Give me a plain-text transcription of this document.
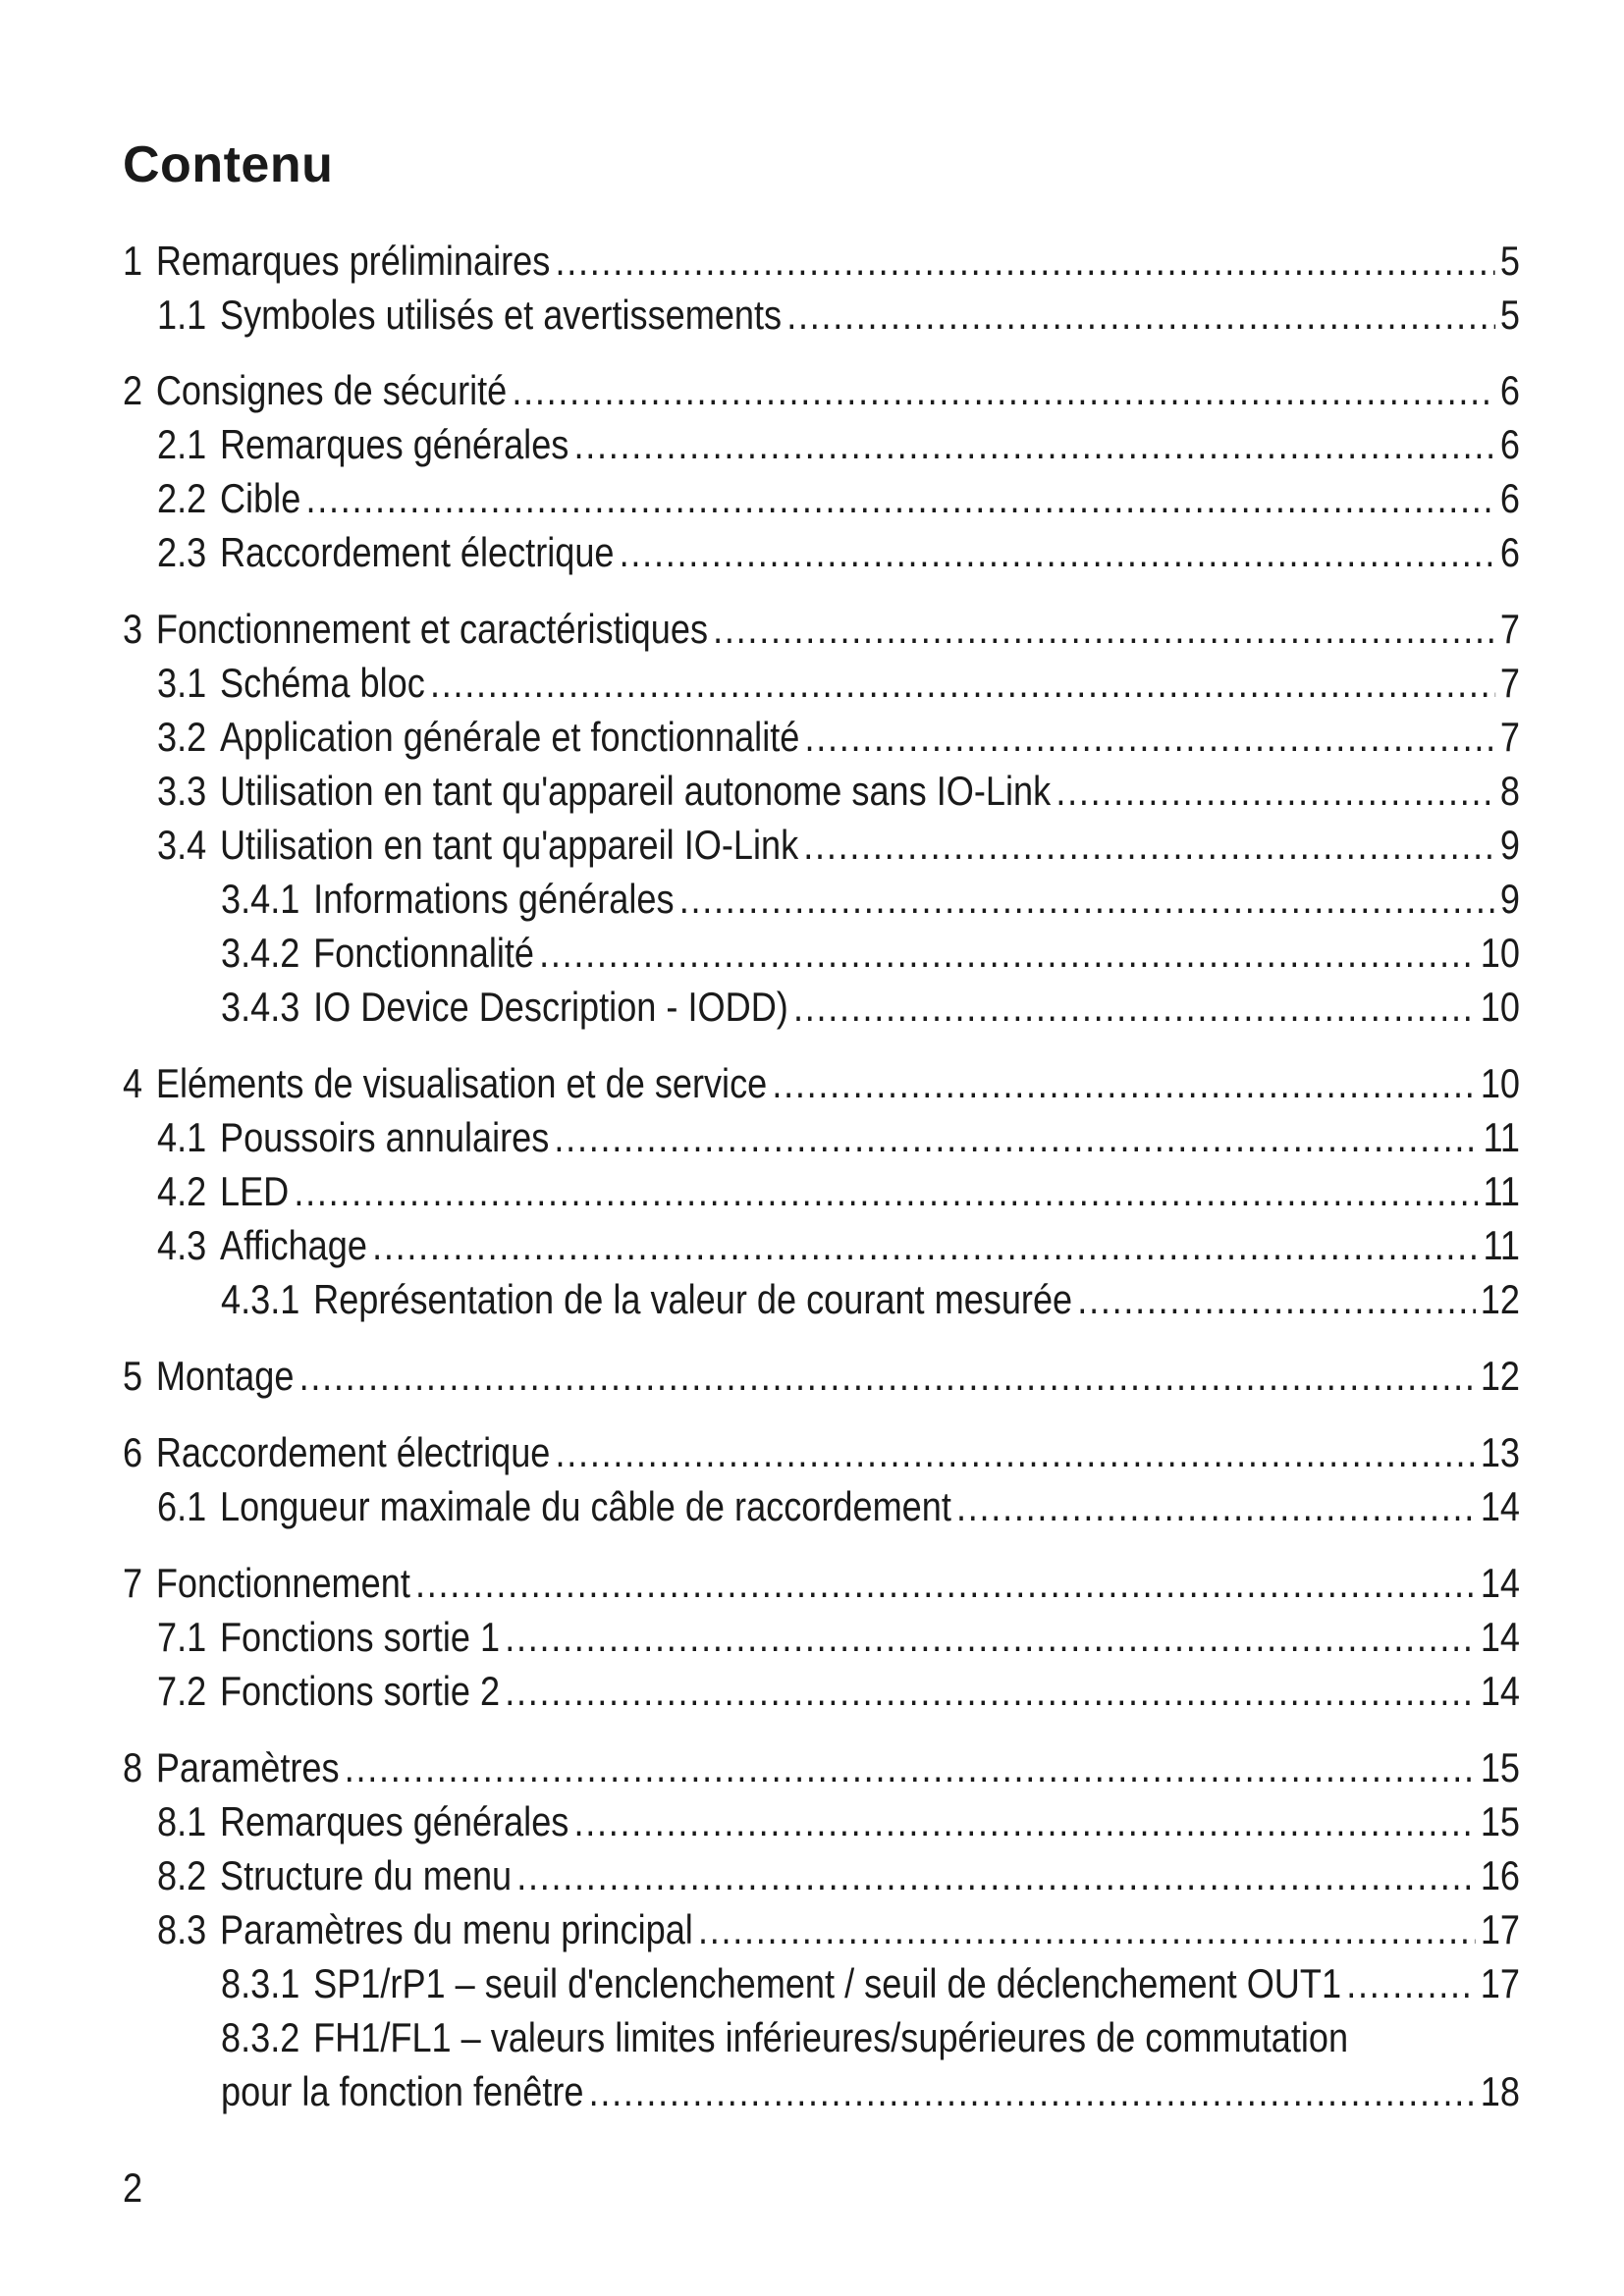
Contenu
1 Remarques préliminaires .....	5
1.1 Symboles utilisés et avertissements .....	5
2 Consignes de sécurité .....	6
2.1 Remarques générales .....	6
2.2 Cible .....	6
2.3 Raccordement électrique .....	6
3 Fonctionnement et caractéristiques .....	7
3.1 Schéma bloc .....	7
3.2 Application générale et fonctionnalité .....	7
3.3 Utilisation en tant qu'appareil autonome sans IO-Link .....	8
3.4 Utilisation en tant qu'appareil IO-Link .....	9
3.4.1 Informations générales .....	9
3.4.2 Fonctionnalité .....	10
3.4.3 IO Device Description - IODD) .....	10
4 Eléments de visualisation et de service .....	10
4.1 Poussoirs annulaires .....	11
4.2 LED .....	11
4.3 Affichage .....	11
4.3.1 Représentation de la valeur de courant mesurée .....	12
5 Montage .....	12
6 Raccordement électrique .....	13
6.1 Longueur maximale du câble de raccordement .....	14
7 Fonctionnement .....	14
7.1 Fonctions sortie 1 .....	14
7.2 Fonctions sortie 2 .....	14
8 Paramètres .....	15
8.1 Remarques générales .....	15
8.2 Structure du menu .....	16
8.3 Paramètres du menu principal .....	17
8.3.1 SP1/rP1 – seuil d'enclenchement / seuil de déclenchement OUT1 .....	17
8.3.2 FH1/FL1 – valeurs limites inférieures/supérieures de commutation
pour la fonction fenêtre .....	18
2
